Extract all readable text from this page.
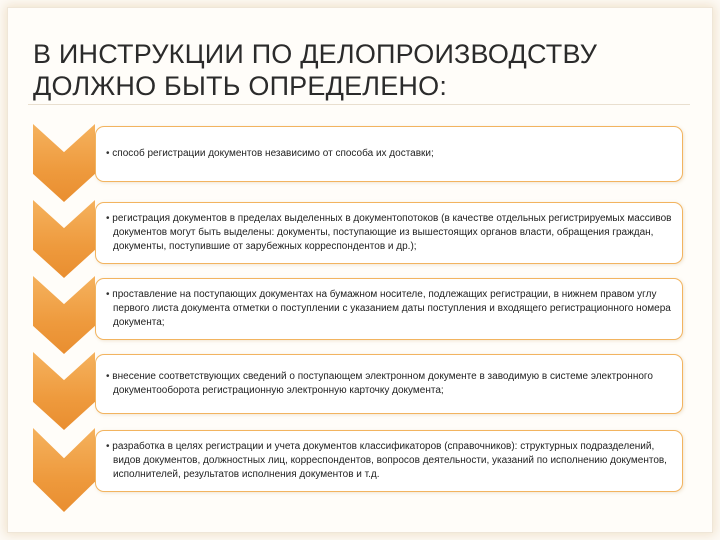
В ИНСТРУКЦИИ ПО ДЕЛОПРОИЗВОДСТВУ ДОЛЖНО БЫТЬ ОПРЕДЕЛЕНО:
• способ регистрации документов независимо от способа их доставки;
• регистрация документов в пределах выделенных в документопотоков (в качестве отдельных регистрируемых массивов документов могут быть выделены: документы, поступающие из вышестоящих органов власти, обращения граждан, документы, поступившие от зарубежных корреспондентов и др.);
• проставление на поступающих документах на бумажном носителе, подлежащих регистрации, в нижнем правом углу первого листа документа отметки о поступлении с указанием даты поступления и входящего регистрационного номера документа;
• внесение соответствующих сведений о поступающем электронном документе в заводимую в системе электронного документооборота регистрационную электронную карточку документа;
• разработка в целях регистрации и учета документов классификаторов (справочников): структурных подразделений, видов документов, должностных лиц, корреспондентов, вопросов деятельности, указаний по исполнению документов, исполнителей, результатов исполнения документов и т.д.
